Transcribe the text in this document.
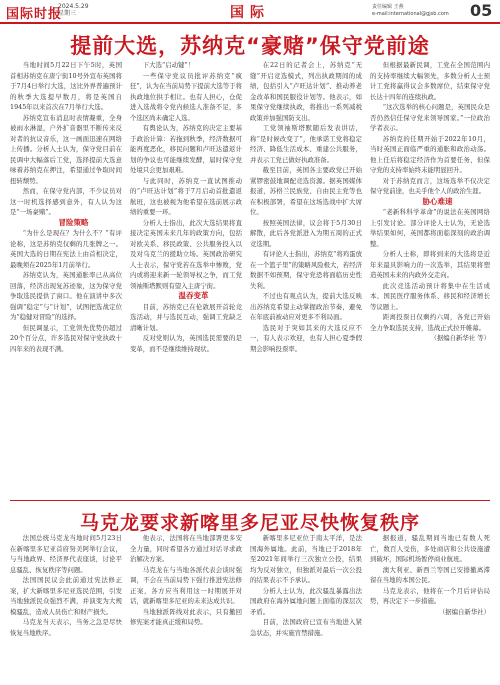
国际时报
2024.5.29
星期三	国际	责任编辑 王燕
e-mail:international@gjsb.com 05
提前大选，苏纳克“豪赌”保守党前途

当地时间5月22日下午5时，英国首相苏纳克在唐宁街10号外宣布英国将于7月4日举行大选，这比外界普遍预计的秋季大选提早数月，将是英国自1945年以来首次在7月举行大选。

苏纳克宣布消息时表情凝重，全身被雨水淋湿，户外扩音器里不断传来反对者的抗议音乐，这一画面迅速在网络上传播。分析人士认为，保守党目前在民调中大幅落后工党，选择提前大选意味着苏纳克在押注，希望通过争取时间扭转颓势。

然而，在保守党内部，不少议员对这一时机选择感到意外，有人认为这是“一场豪赌”。

冒险策略

“为什么是现在？为什么不？”有评论称，这是苏纳克仅剩的几张牌之一。英国大选的日期在宪法上由首相决定，最晚须在2025年1月前举行。

苏纳克认为，英国通胀率已从高位回落，经济出现复苏迹象，这为保守党争取选民提供了窗口。他在演讲中多次强调“稳定”与“计划”，试图把选战定位为“稳健对冒险”的选择。

但民调显示，工党领先优势仍超过20个百分点，许多选民对保守党执政十四年来的表现不满。

下大选“启动键”！

一些保守党议员批评苏纳克“疯狂”，认为在当前局势下提前大选等于将执政地位拱手相让。也有人担心，仓促进入选战将令党内候选人准备不足，多个选区尚未确定人选。

有舆论认为，苏纳克的决定主要基于政治计算：若拖到秋季，经济数据可能再度恶化，移民问题和卢旺达遣返计划的争议也可能继续发酵，届时保守党处境只会更加艰难。

与此同时，苏纳克一直试图推动的“卢旺达计划”将于7月启动首批遣返航班，这也被视为他希望在选前展示政绩的重要一环。

分析人士指出，此次大选结果将直接决定英国未来几年的政策方向，包括对欧关系、移民政策、公共服务投入以及对乌克兰的援助立场。英国政治研究人士表示，保守党若在选举中惨败，党内或将迎来新一轮领导权之争，而工党领袖斯塔默则有望入主唐宁街。

温吞变革

目前，苏纳克已在伦敦展开首轮竞选活动，并与选民互动，强调工党缺乏清晰计划。

反对党则认为，英国选民需要的是变革，而不是继续维持现状。

在22日的记者会上，苏纳克“无缝”开启竞选模式，列出执政期间的成绩，包括引入“卢旺达计划”、推动养老金改革和国民服役计划等。他表示，如果保守党继续执政，将推出一系列减税政策并加强国防支出。

工党领袖斯塔默随后发表讲话，称“是时候改变了”，他承诺工党将稳定经济、降低生活成本、重建公共服务，并表示工党已做好执政准备。

截至目前，英国各主要政党已开始紧锣密鼓地调配竞选资源。据英国媒体报道，苏格兰民族党、自由民主党等也在积极部署，希望在这场选战中扩大席位。

按照英国法律，议会将于5月30日解散，此后各党派进入为期五周的正式竞选期。

有评论人士指出，苏纳克“将鸡蛋放在一个篮子里”的策略风险极大，若经济数据不如预期，保守党恐将面临历史性失利。

不过也有观点认为，提前大选反映出苏纳克希望主动掌握政治节奏，避免在年底前被动应对更多不利局面。

选民对于突如其来的大选反应不一，有人表示欢迎，也有人担心夏季假期会影响投票率。

但根据最新民调，工党在全国范围内的支持率继续大幅领先，多数分析人士预计工党将赢得议会多数席位，结束保守党长达十四年的连续执政。

“这次选举的核心问题是，英国民众是否仍然信任保守党来领导国家。”一位政治学者表示。

苏纳克的任期开始于2022年10月，当时英国正面临严重的通胀和政治动荡。他上任后将稳定经济作为首要任务，但保守党的支持率始终未能明显回升。

对于苏纳克而言，这场选举不仅决定保守党前途，也关乎他个人的政治生涯。

胁心难速

“老新科科学革命”的说法在英国网络上引发讨论。部分评论人士认为，无论选举结果如何，英国都将面临深刻的政治调整。

分析人士称，即将到来的大选将是近年来最具影响力的一次选举，其结果将塑造英国未来的内政外交走向。

此次竞选活动预计将集中在生活成本、国民医疗服务体系、移民和经济增长等议题上。

距离投票日仅剩约六周，各党已开始全力争取选民支持，选战正式拉开帷幕。

（据编自新华社 等）

马克龙要求新喀里多尼亚尽快恢复秩序

法国总统马克龙当地时间5月23日在新喀里多尼亚首府努美阿举行会议，与当地政界、经济界代表座谈，讨论平息骚乱、恢复秩序等问题。

法国国民议会此前通过宪法修正案，扩大新喀里多尼亚选民范围，引发当地独派民众强烈不满，并演变为大规模骚乱，造成人员伤亡和财产损失。

马克龙当天表示，当务之急是尽快恢复当地秩序。

他表示，法国将在当地部署更多安全力量，同时希望各方通过对话寻求政治解决方案。

马克龙在与当地各派代表会谈时强调，不会在当前局势下强行推进宪法修正案，各方应当利用这一时期展开对话，就新喀里多尼亚的未来达成共识。

当地独派阵线对此表示，只有撤回修宪案才能真正缓和局势。

新喀里多尼亚位于南太平洋，是法国海外属地。此前，当地已于2018年至2021年间举行三次独立公投，结果均为反对独立，但独派对最后一次公投的结果表示不予承认。

分析人士认为，此次骚乱暴露出法国政府在海外属地问题上面临的深层次矛盾。

目前，法国政府已宣布当地进入紧急状态，并实施宵禁措施。

据报道，骚乱期间当地已有数人死亡，数百人受伤，多处商店和公共设施遭到破坏，国际机场暂停商业航班。

澳大利亚、新西兰等国已安排撤离滞留在当地的本国公民。

马克龙表示，他将在一个月后评估局势，再决定下一步措施。

（据编自新华社）
